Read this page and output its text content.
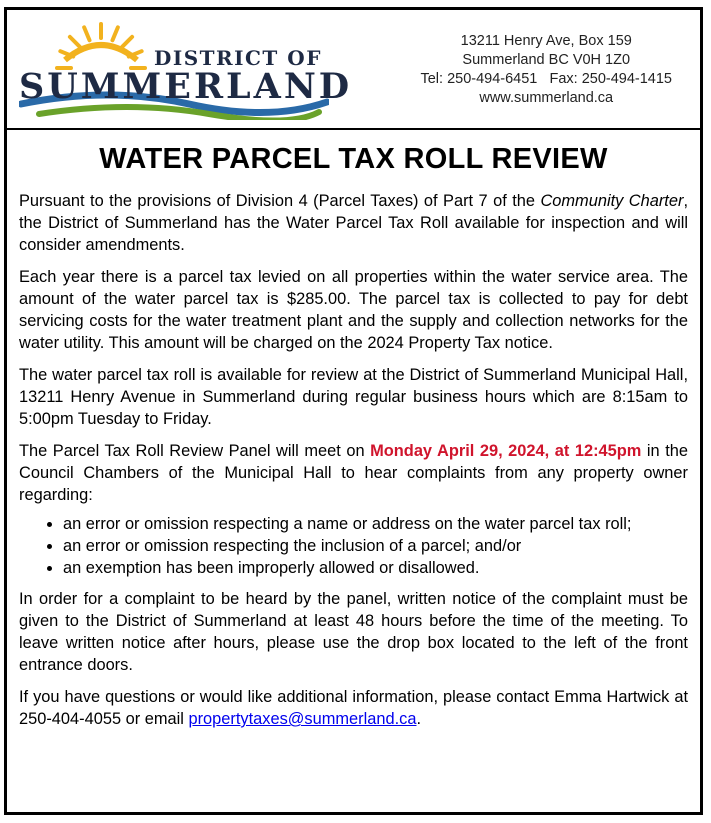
DISTRICT OF
SUMMERLAND
13211 Henry Ave, Box 159
Summerland BC V0H 1Z0
Tel: 250-494-6451   Fax: 250-494-1415
www.summerland.ca
WATER PARCEL TAX ROLL REVIEW

Pursuant to the provisions of Division 4 (Parcel Taxes) of Part 7 of the Community Charter, the District of Summerland has the Water Parcel Tax Roll available for inspection and will consider amendments.

Each year there is a parcel tax levied on all properties within the water service area. The amount of the water parcel tax is $285.00. The parcel tax is collected to pay for debt servicing costs for the water treatment plant and the supply and collection networks for the water utility. This amount will be charged on the 2024 Property Tax notice.

The water parcel tax roll is available for review at the District of Summerland Municipal Hall, 13211 Henry Avenue in Summerland during regular business hours which are 8:15am to 5:00pm Tuesday to Friday.

The Parcel Tax Roll Review Panel will meet on Monday April 29, 2024, at 12:45pm in the Council Chambers of the Municipal Hall to hear complaints from any property owner regarding:

• an error or omission respecting a name or address on the water parcel tax roll;
• an error or omission respecting the inclusion of a parcel; and/or
• an exemption has been improperly allowed or disallowed.

In order for a complaint to be heard by the panel, written notice of the complaint must be given to the District of Summerland at least 48 hours before the time of the meeting. To leave written notice after hours, please use the drop box located to the left of the front entrance doors.

If you have questions or would like additional information, please contact Emma Hartwick at 250-404-4055 or email propertytaxes@summerland.ca.
